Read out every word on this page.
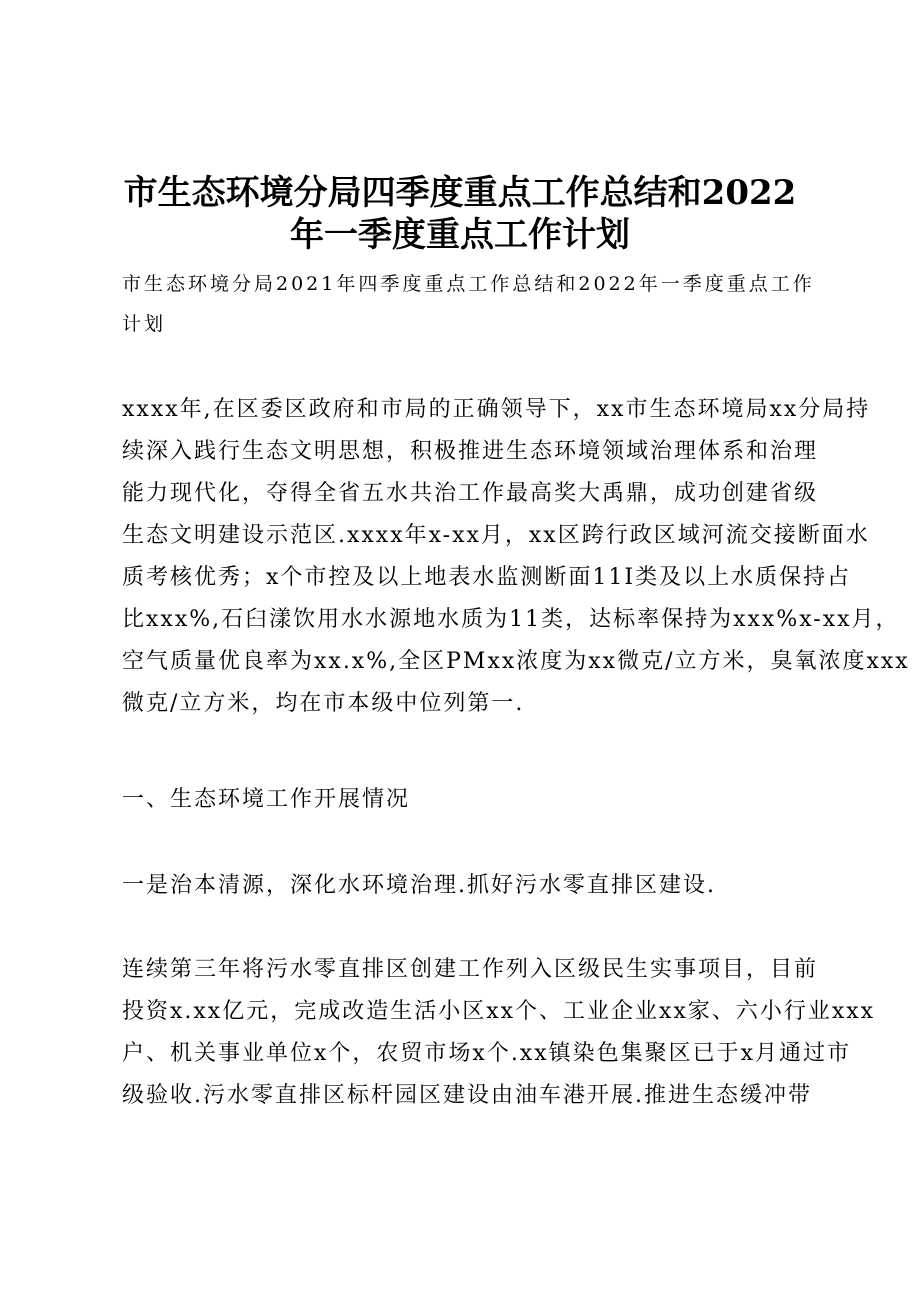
市生态环境分局四季度重点工作总结和2022
年一季度重点工作计划

市生态环境分局2021年四季度重点工作总结和2022年一季度重点工作

计划

xxxx年,在区委区政府和市局的正确领导下，xx市生态环境局xx分局持

续深入践行生态文明思想，积极推进生态环境领域治理体系和治理

能力现代化，夺得全省五水共治工作最高奖大禹鼎，成功创建省级

生态文明建设示范区.xxxx年x-xx月，xx区跨行政区域河流交接断面水

质考核优秀；x个市控及以上地表水监测断面11I类及以上水质保持占

比xxx%,石臼漾饮用水水源地水质为11类，达标率保持为xxx%x-xx月，

空气质量优良率为xx.x%,全区PMxx浓度为xx微克/立方米，臭氧浓度xxx

微克/立方米，均在市本级中位列第一.

一、生态环境工作开展情况

一是治本清源，深化水环境治理.抓好污水零直排区建设.

连续第三年将污水零直排区创建工作列入区级民生实事项目，目前

投资x.xx亿元，完成改造生活小区xx个、工业企业xx家、六小行业xxx

户、机关事业单位x个，农贸市场x个.xx镇染色集聚区已于x月通过市

级验收.污水零直排区标杆园区建设由油车港开展.推进生态缓冲带
